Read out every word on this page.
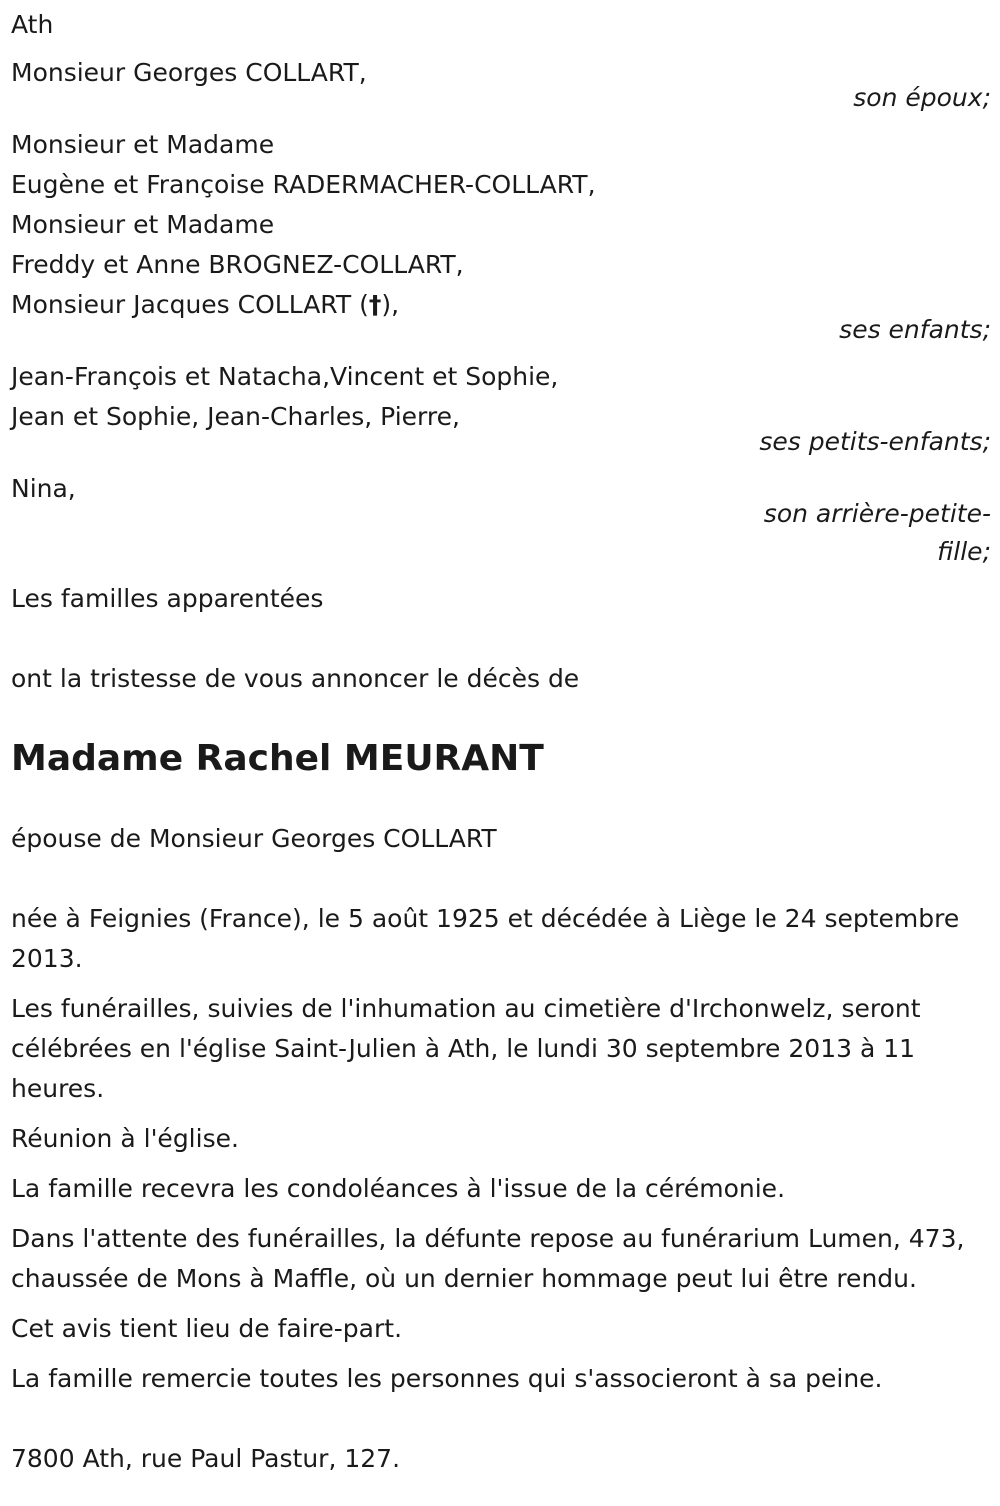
Ath
Monsieur Georges COLLART,
son époux;
Monsieur et Madame
Eugène et Françoise RADERMACHER-COLLART,
Monsieur et Madame
Freddy et Anne BROGNEZ-COLLART,
Monsieur Jacques COLLART (†),
ses enfants;
Jean-François et Natacha,Vincent et Sophie,
Jean et Sophie, Jean-Charles, Pierre,
ses petits-enfants;
Nina,
son arrière-petite-
fille;
Les familles apparentées
ont la tristesse de vous annoncer le décès de
Madame Rachel MEURANT
épouse de Monsieur Georges COLLART
née à Feignies (France), le 5 août 1925 et décédée à Liège le 24 septembre 2013.
Les funérailles, suivies de l'inhumation au cimetière d'Irchonwelz, seront célébrées en l'église Saint-Julien à Ath, le lundi 30 septembre 2013 à 11 heures.
Réunion à l'église.
La famille recevra les condoléances à l'issue de la cérémonie.
Dans l'attente des funérailles, la défunte repose au funérarium Lumen, 473, chaussée de Mons à Maffle, où un dernier hommage peut lui être rendu.
Cet avis tient lieu de faire-part.
La famille remercie toutes les personnes qui s'associeront à sa peine.
7800 Ath, rue Paul Pastur, 127.
